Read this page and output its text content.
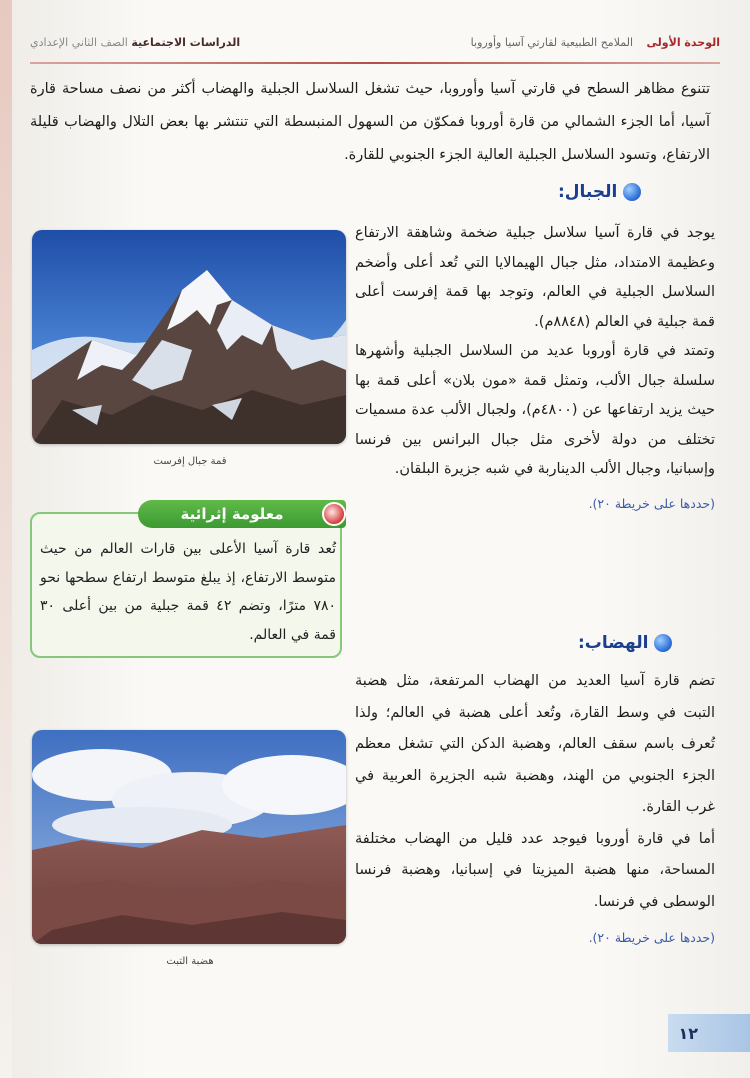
الوحدة الأولى الملامح الطبيعية لقارتي آسيا وأوروبا
الدراسات الاجتماعية الصف الثاني الإعدادي

تتنوع مظاهر السطح في قارتي آسيا وأوروبا، حيث تشغل السلاسل الجبلية والهضاب أكثر من نصف مساحة قارة آسيا، أما الجزء الشمالي من قارة أوروبا فمكوّن من السهول المنبسطة التي تنتشر بها بعض التلال والهضاب قليلة الارتفاع، وتسود السلاسل الجبلية العالية الجزء الجنوبي للقارة.

الجبال:

يوجد في قارة آسيا سلاسل جبلية ضخمة وشاهقة الارتفاع وعظيمة الامتداد، مثل جبال الهيمالايا التي تُعد أعلى وأضخم السلاسل الجبلية في العالم، وتوجد بها قمة إفرست أعلى قمة جبلية في العالم (٨٨٤٨م).

وتمتد في قارة أوروبا عديد من السلاسل الجبلية وأشهرها سلسلة جبال الألب، وتمثل قمة «مون بلان» أعلى قمة بها حيث يزيد ارتفاعها عن (٤٨٠٠م)، ولجبال الألب عدة مسميات تختلف من دولة لأخرى مثل جبال البرانس بين فرنسا وإسبانيا، وجبال الألب الديناربة في شبه جزيرة البلقان.

(حددها على خريطة ٢٠).

قمة جبال إفرست
معلومة إثرائية

تُعد قارة آسيا الأعلى بين قارات العالم من حيث متوسط الارتفاع، إذ يبلغ متوسط ارتفاع سطحها نحو ٧٨٠ مترًا، وتضم ٤٢ قمة جبلية من بين أعلى ٣٠ قمة في العالم.	الهضاب:

تضم قارة آسيا العديد من الهضاب المرتفعة، مثل هضبة التبت في وسط القارة، وتُعد أعلى هضبة في العالم؛ ولذا تُعرف باسم سقف العالم، وهضبة الدكن التي تشغل معظم الجزء الجنوبي من الهند، وهضبة شبه الجزيرة العربية في غرب القارة.

أما في قارة أوروبا فيوجد عدد قليل من الهضاب مختلفة المساحة، منها هضبة الميزيتا في إسبانيا، وهضبة فرنسا الوسطى في فرنسا.

(حددها على خريطة ٢٠).

هضبة التبت
١٢
